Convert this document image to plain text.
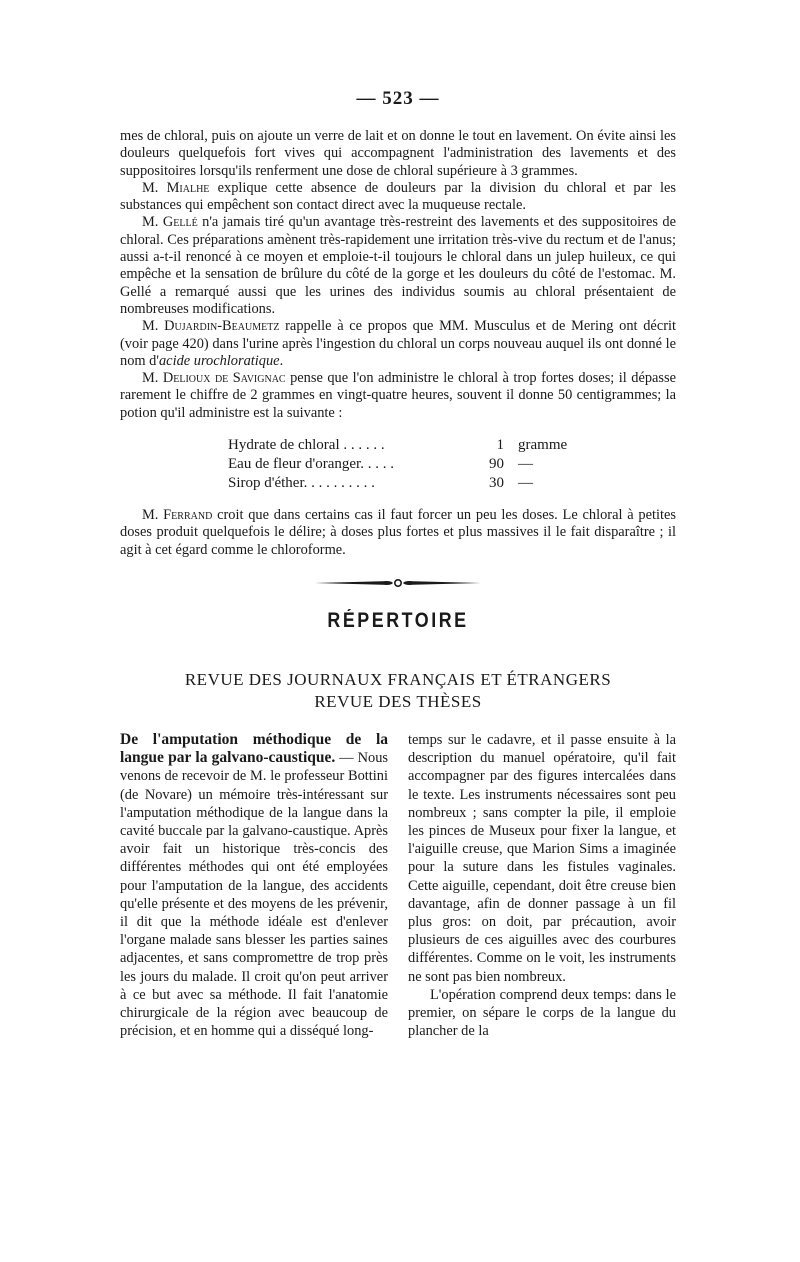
— 523 —

mes de chloral, puis on ajoute un verre de lait et on donne le tout en lavement. On évite ainsi les douleurs quelquefois fort vives qui accompagnent l'administration des lavements et des suppositoires lorsqu'ils renferment une dose de chloral supérieure à 3 grammes.

M. Mialhe explique cette absence de douleurs par la division du chloral et par les substances qui empêchent son contact direct avec la muqueuse rectale.

M. Gellé n'a jamais tiré qu'un avantage très-restreint des lavements et des suppositoires de chloral. Ces préparations amènent très-rapidement une irritation très-vive du rectum et de l'anus; aussi a-t-il renoncé à ce moyen et emploie-t-il toujours le chloral dans un julep huileux, ce qui empêche et la sensation de brûlure du côté de la gorge et les douleurs du côté de l'estomac. M. Gellé a remarqué aussi que les urines des individus soumis au chloral présentaient de nombreuses modifications.

M. Dujardin-Beaumetz rappelle à ce propos que MM. Musculus et de Mering ont décrit (voir page 420) dans l'urine après l'ingestion du chloral un corps nouveau auquel ils ont donné le nom d'acide urochloratique.

M. Delioux de Savignac pense que l'on administre le chloral à trop fortes doses; il dépasse rarement le chiffre de 2 grammes en vingt-quatre heures, souvent il donne 50 centigrammes; la potion qu'il administre est la suivante :

Hydrate de chloral . . . . . .	1 gramme
Eau de fleur d'oranger. . . . .	90 —
Sirop d'éther. . . . . . . . . .	30 —

M. Ferrand croit que dans certains cas il faut forcer un peu les doses. Le chloral à petites doses produit quelquefois le délire; à doses plus fortes et plus massives il le fait disparaître ; il agit à cet égard comme le chloroforme.

RÉPERTOIRE

REVUE DES JOURNAUX FRANÇAIS ET ÉTRANGERS

REVUE DES THÈSES

De l'amputation méthodique de la langue par la galvano-caustique. — Nous venons de recevoir de M. le professeur Bottini (de Novare) un mémoire très-intéressant sur l'amputation méthodique de la langue dans la cavité buccale par la galvano-caustique. Après avoir fait un historique très-concis des différentes méthodes qui ont été employées pour l'amputation de la langue, des accidents qu'elle présente et des moyens de les prévenir, il dit que la méthode idéale est d'enlever l'organe malade sans blesser les parties saines adjacentes, et sans compromettre de trop près les jours du malade. Il croit qu'on peut arriver à ce but avec sa méthode. Il fait l'anatomie chirurgicale de la région avec beaucoup de précision, et en homme qui a disséqué long-

temps sur le cadavre, et il passe ensuite à la description du manuel opératoire, qu'il fait accompagner par des figures intercalées dans le texte. Les instruments nécessaires sont peu nombreux ; sans compter la pile, il emploie les pinces de Museux pour fixer la langue, et l'aiguille creuse, que Marion Sims a imaginée pour la suture dans les fistules vaginales. Cette aiguille, cependant, doit être creuse bien davantage, afin de donner passage à un fil plus gros: on doit, par précaution, avoir plusieurs de ces aiguilles avec des courbures différentes. Comme on le voit, les instruments ne sont pas bien nombreux.

L'opération comprend deux temps: dans le premier, on sépare le corps de la langue du plancher de la
